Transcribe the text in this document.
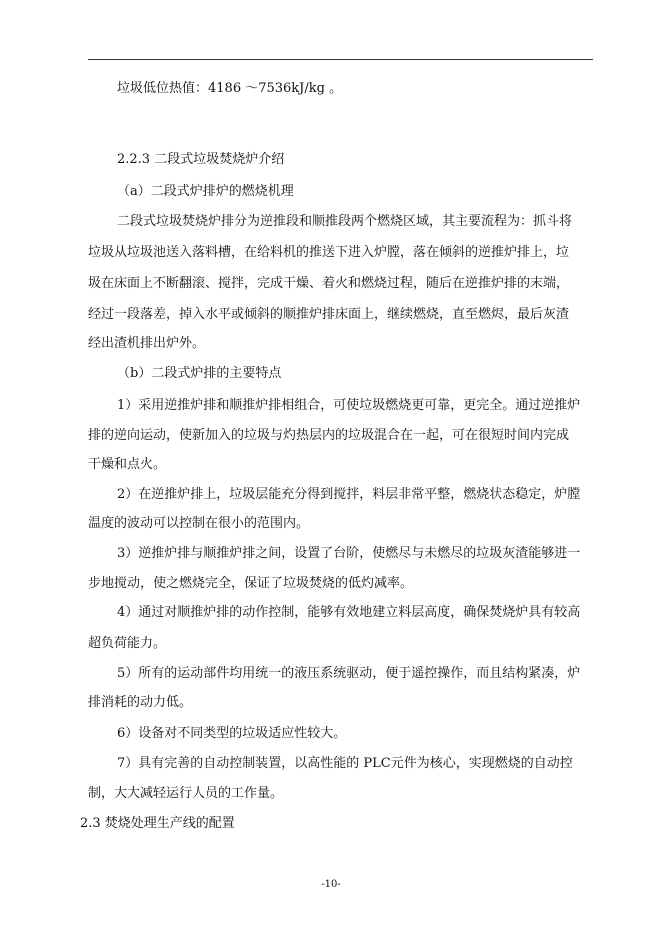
垃圾低位热值：4186 ～7536kJ/kg 。
2.2.3 二段式垃圾焚烧炉介绍
（a）二段式炉排炉的燃烧机理
二段式垃圾焚烧炉排分为逆推段和顺推段两个燃烧区域，其主要流程为：抓斗将
垃圾从垃圾池送入落料槽，在给料机的推送下进入炉膛，落在倾斜的逆推炉排上，垃
圾在床面上不断翻滚、搅拌，完成干燥、着火和燃烧过程，随后在逆推炉排的末端，
经过一段落差，掉入水平或倾斜的顺推炉排床面上，继续燃烧，直至燃烬，最后灰渣
经出渣机排出炉外。
（b）二段式炉排的主要特点
1）采用逆推炉排和顺推炉排相组合，可使垃圾燃烧更可靠，更完全。通过逆推炉
排的逆向运动，使新加入的垃圾与灼热层内的垃圾混合在一起，可在很短时间内完成
干燥和点火。
2）在逆推炉排上，垃圾层能充分得到搅拌，料层非常平整，燃烧状态稳定，炉膛
温度的波动可以控制在很小的范围内。
3）逆推炉排与顺推炉排之间，设置了台阶，使燃尽与未燃尽的垃圾灰渣能够进一
步地搅动，使之燃烧完全，保证了垃圾焚烧的低灼减率。
4）通过对顺推炉排的动作控制，能够有效地建立料层高度，确保焚烧炉具有较高
超负荷能力。
5）所有的运动部件均用统一的液压系统驱动，便于遥控操作，而且结构紧凑，炉
排消耗的动力低。
6）设备对不同类型的垃圾适应性较大。
7）具有完善的自动控制装置，以高性能的 PLC元件为核心，实现燃烧的自动控
制，大大减轻运行人员的工作量。
2.3 焚烧处理生产线的配置
-10-
